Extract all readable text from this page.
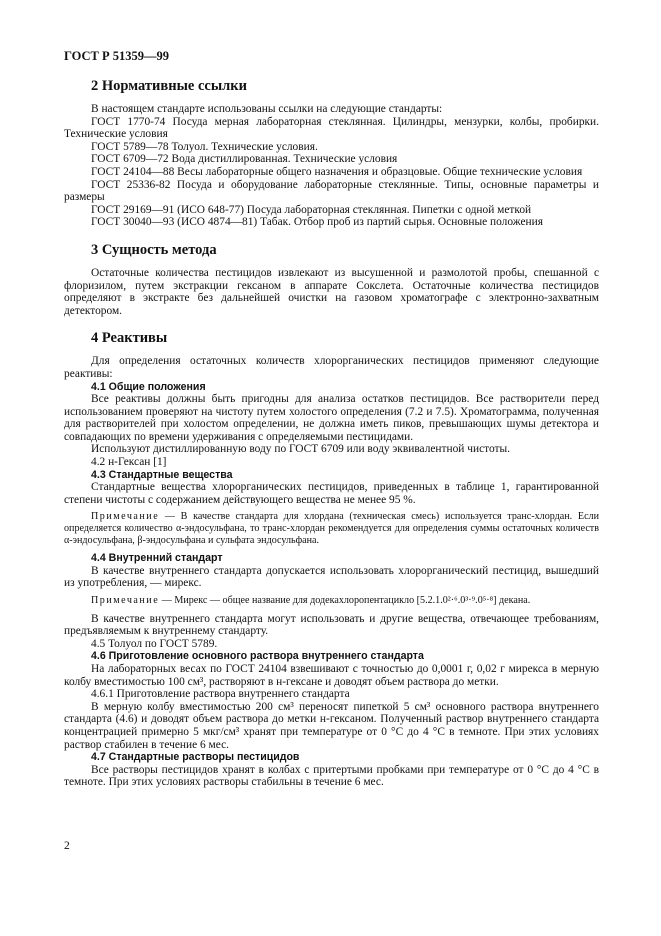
ГОСТ Р 51359—99
2 Нормативные ссылки

В настоящем стандарте использованы ссылки на следующие стандарты:

ГОСТ 1770-74 Посуда мерная лабораторная стеклянная. Цилиндры, мензурки, колбы, пробирки. Технические условия

ГОСТ 5789—78 Толуол. Технические условия.

ГОСТ 6709—72 Вода дистиллированная. Технические условия

ГОСТ 24104—88 Весы лабораторные общего назначения и образцовые. Общие технические условия

ГОСТ 25336-82 Посуда и оборудование лабораторные стеклянные. Типы, основные параметры и размеры

ГОСТ 29169—91 (ИСО 648-77) Посуда лабораторная стеклянная. Пипетки с одной меткой

ГОСТ 30040—93 (ИСО 4874—81) Табак. Отбор проб из партий сырья. Основные положения

3 Сущность метода

Остаточные количества пестицидов извлекают из высушенной и размолотой пробы, спешанной с флоризилом, путем экстракции гексаном в аппарате Сокслета. Остаточные количества пестицидов определяют в экстракте без дальнейшей очистки на газовом хроматографе с электронно-захватным детектором.

4 Реактивы

Для определения остаточных количеств хлорорганических пестицидов применяют следующие реактивы:

4.1 Общие положения

Все реактивы должны быть пригодны для анализа остатков пестицидов. Все растворители перед использованием проверяют на чистоту путем холостого определения (7.2 и 7.5). Хроматограмма, полученная для растворителей при холостом определении, не должна иметь пиков, превышающих шумы детектора и совпадающих по времени удерживания с определяемыми пестицидами.

Используют дистиллированную воду по ГОСТ 6709 или воду эквивалентной чистоты.

4.2 н-Гексан [1]

4.3 Стандартные вещества

Стандартные вещества хлорорганических пестицидов, приведенных в таблице 1, гарантированной степени чистоты с содержанием действующего вещества не менее 95 %.

Примечание — В качестве стандарта для хлордана (техническая смесь) используется транс-хлордан. Если определяется количество α-эндосульфана, то транс-хлордан рекомендуется для определения суммы остаточных количеств α-эндосульфана, β-эндосульфана и сульфата эндосульфана.

4.4 Внутренний стандарт

В качестве внутреннего стандарта допускается использовать хлорорганический пестицид, вышедший из употребления, — мирекс.

Примечание — Мирекс — общее название для додекахлоропентацикло [5.2.1.0²·⁶.0³·⁹.0⁵·⁸] декана.

В качестве внутреннего стандарта могут использовать и другие вещества, отвечающее требованиям, предъявляемым к внутреннему стандарту.

4.5 Толуол по ГОСТ 5789.

4.6 Приготовление основного раствора внутреннего стандарта

На лабораторных весах по ГОСТ 24104 взвешивают с точностью до 0,0001 г, 0,02 г мирекса в мерную колбу вместимостью 100 см³, растворяют в н-гексане и доводят объем раствора до метки.

4.6.1 Приготовление раствора внутреннего стандарта

В мерную колбу вместимостью 200 см³ переносят пипеткой 5 см³ основного раствора внутреннего стандарта (4.6) и доводят объем раствора до метки н-гексаном. Полученный раствор внутреннего стандарта концентрацией примерно 5 мкг/см³ хранят при температуре от 0 °С до 4 °С в темноте. При этих условиях раствор стабилен в течение 6 мес.

4.7 Стандартные растворы пестицидов

Все растворы пестицидов хранят в колбах с притертыми пробками при температуре от 0 °С до 4 °С в темноте. При этих условиях растворы стабильны в течение 6 мес.

2
